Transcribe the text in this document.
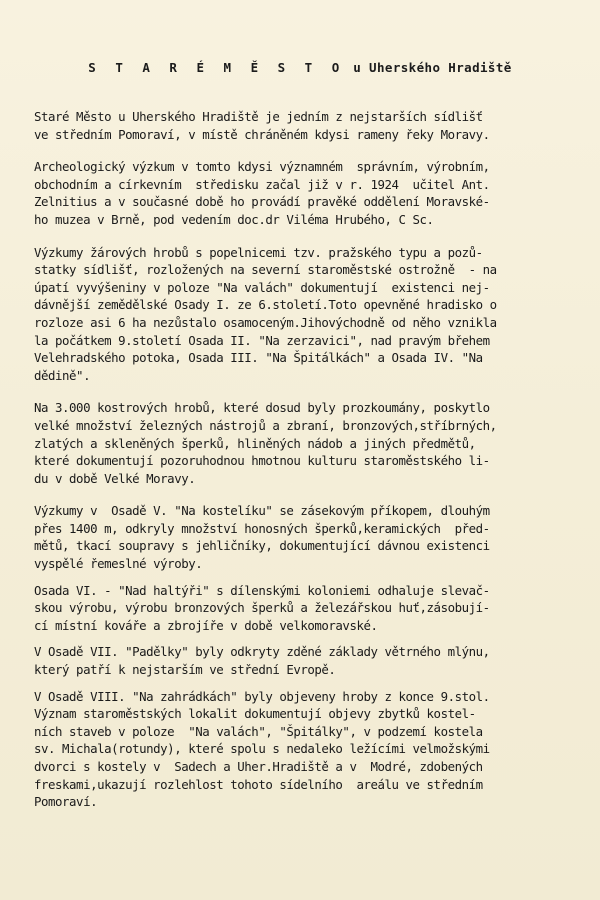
S T A R É M Ě S T O u Uherského Hradiště

Staré Město u Uherského Hradiště je jedním z nejstarších sídlišť
ve středním Pomoraví, v místě chráněném kdysi rameny řeky Moravy.

Archeologický výzkum v tomto kdysi významném  správním, výrobním,
obchodním a církevním  středisku začal již v r. 1924  učitel Ant.
Zelnitius a v současné době ho provádí pravěké oddělení Moravské-
ho muzea v Brně, pod vedením doc.dr Viléma Hrubého, C Sc.

Výzkumy žárových hrobů s popelnicemi tzv. pražského typu a pozů-
statky sídlišť, rozložených na severní staroměstské ostrožně  - na
úpatí vyvýšeniny v poloze "Na valách" dokumentují  existenci nej-
dávnější zemědělské Osady I. ze 6.století.Toto opevněné hradisko o
rozloze asi 6 ha nezůstalo osamoceným.Jihovýchodně od něho vznikla
la počátkem 9.století Osada II. "Na zerzavici", nad pravým břehem
Velehradského potoka, Osada III. "Na Špitálkách" a Osada IV. "Na
dědině".

Na 3.000 kostrových hrobů, které dosud byly prozkoumány, poskytlo
velké množství železných nástrojů a zbraní, bronzových,stříbrných,
zlatých a skleněných šperků, hliněných nádob a jiných předmětů,
které dokumentují pozoruhodnou hmotnou kulturu staroměstského li-
du v době Velké Moravy.

Výzkumy v  Osadě V. "Na kostelíku" se zásekovým příkopem, dlouhým
přes 1400 m, odkryly množství honosných šperků,keramických  před-
mětů, tkací soupravy s jehličníky, dokumentující dávnou existenci
vyspělé řemeslné výroby.

Osada VI. - "Nad haltýři" s dílenskými koloniemi odhaluje slevač-
skou výrobu, výrobu bronzových šperků a železářskou huť,zásobují-
cí místní kováře a zbrojíře v době velkomoravské.

V Osadě VII. "Padělky" byly odkryty zděné základy větrného mlýnu,
který patří k nejstarším ve střední Evropě.

V Osadě VIII. "Na zahrádkách" byly objeveny hroby z konce 9.stol.
Význam staroměstských lokalit dokumentují objevy zbytků kostel-
ních staveb v poloze  "Na valách", "Špitálky", v podzemí kostela
sv. Michala(rotundy), které spolu s nedaleko ležícími velmožskými
dvorci s kostely v  Sadech a Uher.Hradiště a v  Modré, zdobených
freskami,ukazují rozlehlost tohoto sídelního  areálu ve středním
Pomoraví.
